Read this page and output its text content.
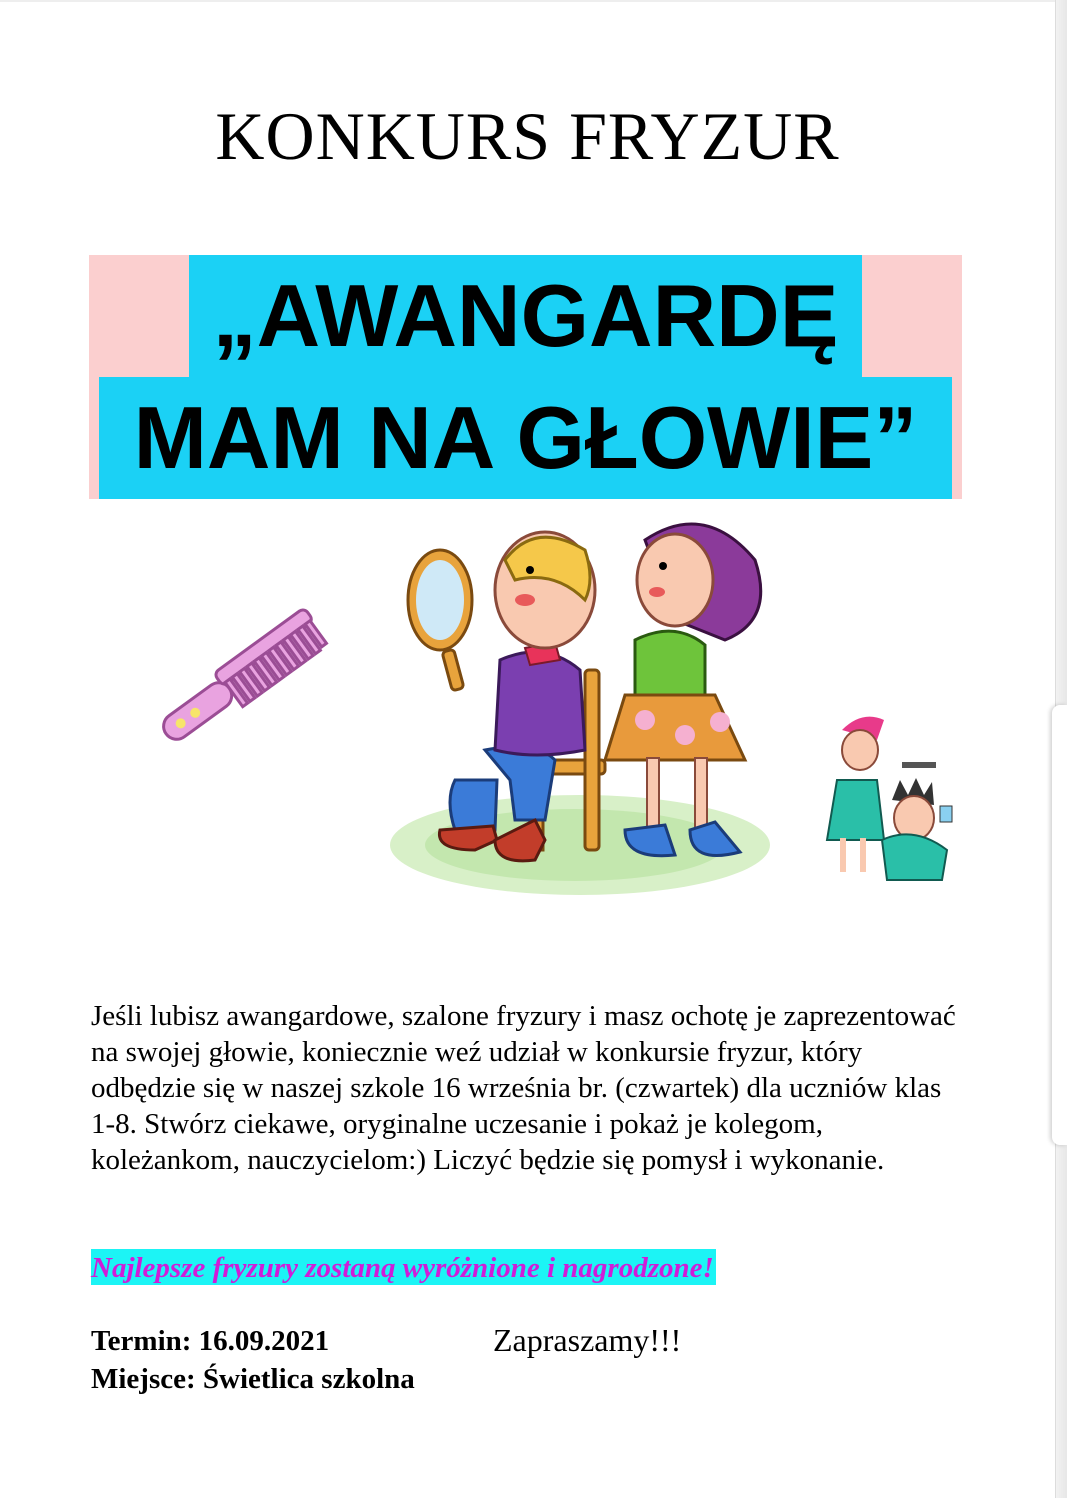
KONKURS FRYZUR
„AWANGARDĘ
MAM NA GŁOWIE”

Jeśli lubisz awangardowe, szalone fryzury i masz ochotę je zaprezentować na swojej głowie, koniecznie weź udział w konkursie fryzur, który odbędzie się w naszej szkole 16 września br. (czwartek) dla uczniów klas 1-8. Stwórz ciekawe, oryginalne uczesanie i pokaż je kolegom, koleżankom, nauczycielom:) Liczyć będzie się pomysł i wykonanie.

Najlepsze fryzury zostaną wyróżnione i nagrodzone!
Termin: 16.09.2021
Miejsce: Świetlica szkolna
Zapraszamy!!!
